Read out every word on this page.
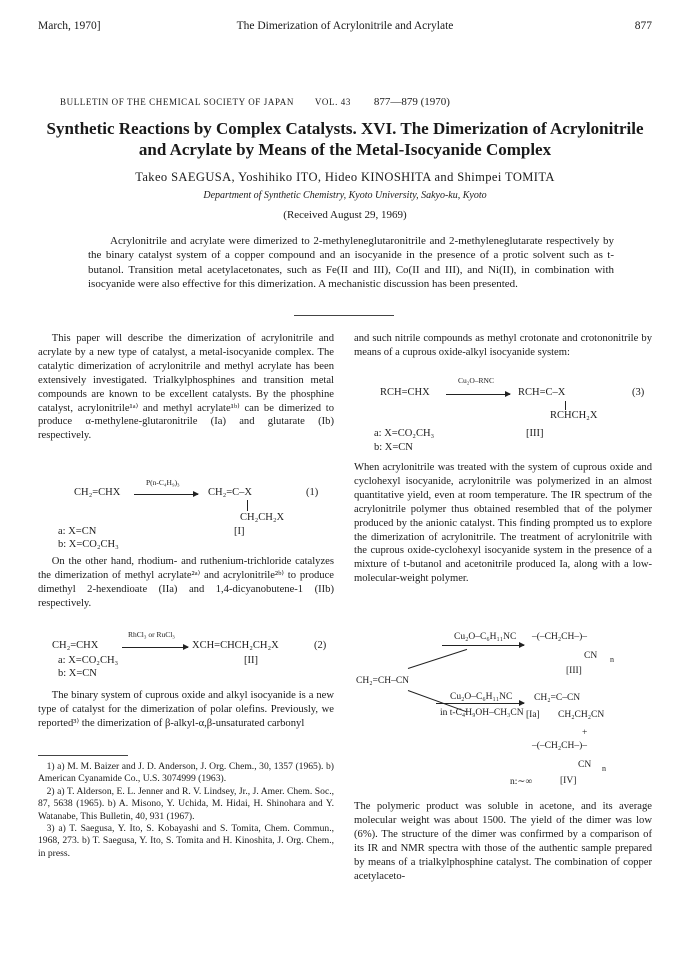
March, 1970]	The Dimerization of Acrylonitrile and Acrylate	877
BULLETIN OF THE CHEMICAL SOCIETY OF JAPAN VOL. 43 877—879 (1970)
Synthetic Reactions by Complex Catalysts. XVI. The Dimerization of Acrylonitrile and Acrylate by Means of the Metal-Isocyanide Complex
Takeo SAEGUSA, Yoshihiko ITO, Hideo KINOSHITA and Shimpei TOMITA
Department of Synthetic Chemistry, Kyoto University, Sakyo-ku, Kyoto
(Received August 29, 1969)
Acrylonitrile and acrylate were dimerized to 2-methyleneglutaronitrile and 2-methyleneglutarate respectively by the binary catalyst system of a copper compound and an isocyanide in the presence of a protic solvent such as t-butanol. Transition metal acetylacetonates, such as Fe(II and III), Co(II and III), and Ni(II), in combination with isocyanide were also effective for this dimerization. A mechanistic discussion has been presented.

This paper will describe the dimerization of acrylonitrile and acrylate by a new type of catalyst, a metal-isocyanide complex. The catalytic dimerization of acrylonitrile and methyl acrylate has been extensively investigated. Trialkylphosphines and transition metal compounds are known to be excellent catalysts. By the phosphine catalyst, acrylonitrile¹ᵃ⁾ and methyl acrylate¹ᵇ⁾ can be dimerized to produce α-methylene-glutaronitrile (Ia) and glutarate (Ib) respectively.

CH₂=CHX
P(n-C₄H₉)₃
CH₂=C–X
CH₂CH₂X
(1)
a: X=CN	[I]
b: X=CO₂CH₃

On the other hand, rhodium- and ruthenium-trichloride catalyzes the dimerization of methyl acrylate²ᵃ⁾ and acrylonitrile²ᵇ⁾ to produce dimethyl 2-hexendioate (IIa) and 1,4-dicyanobutene-1 (IIb) respectively.

CH₂=CHX
RhCl₃ or RuCl₃
XCH=CHCH₂CH₂X	(2)
a: X=CO₂CH₃	[II]
b: X=CN

The binary system of cuprous oxide and alkyl isocyanide is a new type of catalyst for the dimerization of polar olefins. Previously, we reported³⁾ the dimerization of β-alkyl-α,β-unsaturated carbonyl

1) a) M. M. Baizer and J. D. Anderson, J. Org. Chem., 30, 1357 (1965). b) American Cyanamide Co., U.S. 3074999 (1963).

2) a) T. Alderson, E. L. Jenner and R. V. Lindsey, Jr., J. Amer. Chem. Soc., 87, 5638 (1965). b) A. Misono, Y. Uchida, M. Hidai, H. Shinohara and Y. Watanabe, This Bulletin, 40, 931 (1967).

3) a) T. Saegusa, Y. Ito, S. Kobayashi and S. Tomita, Chem. Commun., 1968, 273. b) T. Saegusa, Y. Ito, S. Tomita and H. Kinoshita, J. Org. Chem., in press.

and such nitrile compounds as methyl crotonate and crotononitrile by means of a cuprous oxide-alkyl isocyanide system:

RCH=CHX
Cu₂O–RNC
RCH=C–X
RCHCH₂X
(3)
a: X=CO₂CH₃	[III]
b: X=CN

When acrylonitrile was treated with the system of cuprous oxide and cyclohexyl isocyanide, acrylonitrile was polymerized in an almost quantitative yield, even at room temperature. The IR spectrum of the acrylonitrile polymer thus obtained resembled that of the polymer produced by the anionic catalyst. This finding prompted us to explore the dimerization of acrylonitrile. The treatment of acrylonitrile with the cuprous oxide-cyclohexyl isocyanide system in the presence of a mixture of t-butanol and acetonitrile produced Ia, along with a low-molecular-weight polymer.

CH₂=CH–CN
Cu₂O–C₆H₁₁NC –(–CH₂CH–)–
CN n
[III]
Cu₂O–C₆H₁₁NC
in t-C₄H₉OH–CH₃CN
CH₂=C–CN
[Ia] CH₂CH₂CN
+
–(–CH₂CH–)–
CN n
n:∼∞	[IV]

The polymeric product was soluble in acetone, and its average molecular weight was about 1500. The yield of the dimer was low (6%). The structure of the dimer was confirmed by a comparison of its IR and NMR spectra with those of the authentic sample prepared by means of a trialkylphosphine catalyst. The combination of copper acetylaceto-
